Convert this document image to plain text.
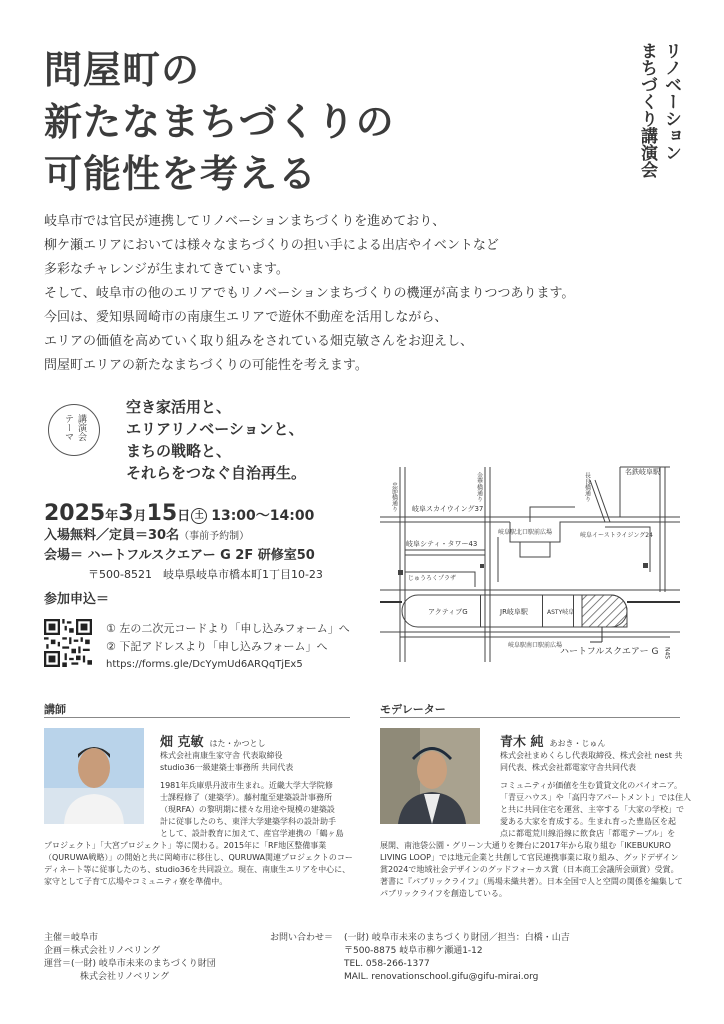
リノベーション
まちづくり講演会
問屋町の
新たなまちづくりの
可能性を考える
岐阜市では官民が連携してリノベーションまちづくりを進めており、
柳ケ瀬エリアにおいては様々なまちづくりの担い手による出店やイベントなど
多彩なチャレンジが生まれてきています。
そして、岐阜市の他のエリアでもリノベーションまちづくりの機運が高まりつつあります。
今回は、愛知県岡崎市の南康生エリアで遊休不動産を活用しながら、
エリアの価値を高めていく取り組みをされている畑克敏さんをお迎えし、
問屋町エリアの新たなまちづくりの可能性を考えます。
講演会
テーマ
空き家活用と、
エリアリノベーションと、
まちの戦略と、
それらをつなぐ自治再生。
2025年3月15日 土 13:00〜14:00
入場無料／定員＝30名（事前予約制）
会場＝ ハートフルスクエアー G 2F 研修室50
〒500-8521　岐阜県岐阜市橋本町1丁目10-23
参加申込＝
① 左の二次元コードより「申し込みフォーム」へ
② 下記アドレスより「申し込みフォーム」へ
https://forms.gle/DcYymUd6ARQqTjEx5
名鉄岐阜駅
岐阜スカイウイング37
岐阜シティ・タワー43
岐阜駅北口駅前広場	岐阜イーストライジング24
じゅうろくプラザ
アクティブG	JR岐阜駅	ASTY岐阜
岐阜駅南口駅前広場
ハートフルスクエアー G N4S
忠節橋通り	金華橋通り	長良橋通り
講師
畑 克敏 はた・かつとし
株式会社南康生家守舎 代表取締役
studio36一級建築士事務所 共同代表
1981年兵庫県丹波市生まれ。近畿大学大学院修
士課程修了（建築学）。藤村龍至建築設計事務所
（現RFA）の黎明期に様々な用途や規模の建築設
計に従事したのち、東洋大学建築学科の設計助手
として、設計教育に加えて、産官学連携の「鶴ヶ島
プロジェクト」「大宮プロジェクト」等に関わる。2015年に「RF地区整備事業
（QURUWA戦略）」の開始と共に岡崎市に移住し、QURUWA関連プロジェクトのコー
ディネート等に従事したのち、studio36を共同設立。現在、南康生エリアを中心に、
家守として子育て広場やコミュニティ寮を準備中。
モデレーター
青木 純 あおき・じゅん
株式会社まめくらし代表取締役、株式会社 nest 共
同代表、株式会社都電家守舎共同代表
コミュニティが価値を生む賃貸文化のパイオニア。
「青豆ハウス」や「高円寺アパートメント」では住人
と共に共同住宅を運営、主宰する「大家の学校」で
愛ある大家を育成する。生まれ育った豊島区を起
点に都電荒川線沿線に飲食店「都電テーブル」を
展開、南池袋公園・グリーン大通りを舞台に2017年から取り組む「IKEBUKURO
LIVING LOOP」では地元企業と共創して官民連携事業に取り組み、グッドデザイン
賞2024で地域社会デザインのグッドフォーカス賞（日本商工会議所会頭賞）受賞。
著書に『パブリックライフ』（馬場未織共著）。日本全国で人と空間の関係を編集して
パブリックライフを創造している。
主催＝岐阜市
企画＝株式会社リノベリング
運営＝(一財) 岐阜市未来のまちづくり財団
株式会社リノベリング
お問い合わせ＝ (一財) 岐阜市未来のまちづくり財団／担当：白橋・山吉
〒500-8875 岐阜市柳ケ瀬通1-12
TEL. 058-266-1377
MAIL. renovationschool.gifu@gifu-mirai.org
